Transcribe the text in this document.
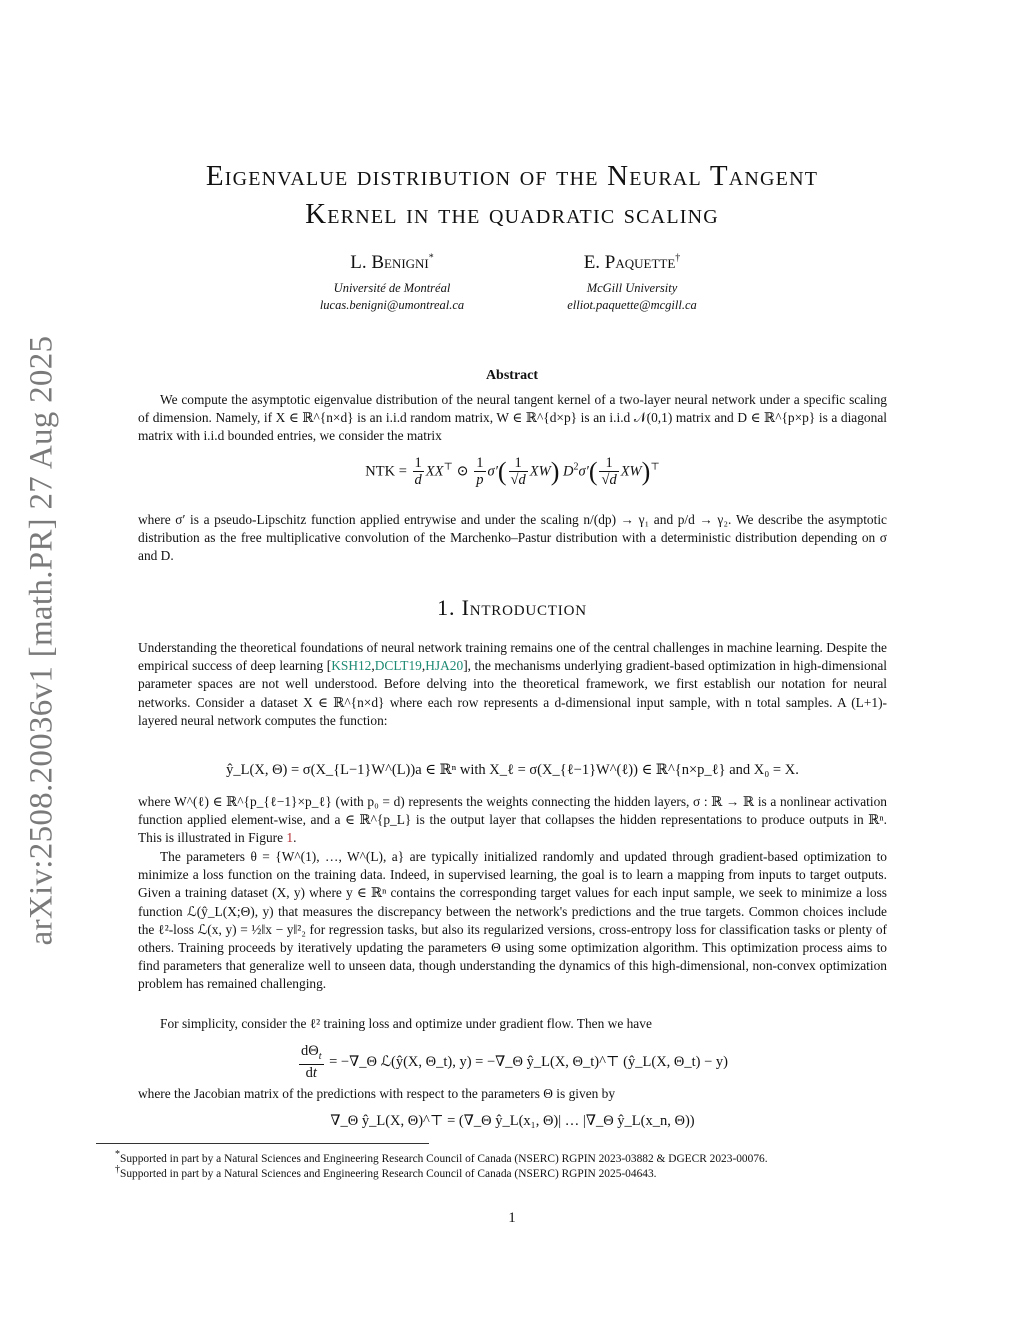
arXiv:2508.20036v1 [math.PR] 27 Aug 2025
Eigenvalue distribution of the Neural Tangent
Kernel in the quadratic scaling
L. Benigni*
Université de Montréal
lucas.benigni@umontreal.ca
E. Paquette†
McGill University
elliot.paquette@mcgill.ca
Abstract

We compute the asymptotic eigenvalue distribution of the neural tangent kernel of a two-layer neural network under a specific scaling of dimension. Namely, if X ∈ ℝ^{n×d} is an i.i.d random matrix, W ∈ ℝ^{d×p} is an i.i.d 𝒩(0,1) matrix and D ∈ ℝ^{p×p} is a diagonal matrix with i.i.d bounded entries, we consider the matrix

NTK = $\frac{1}{d} XX^⊤$ ⊙ $\frac{1}{p} \sigma'( \frac{1}{√d} XW)$ $D^2\sigma'( \frac{1}{√d} XW)^⊤$

where σ′ is a pseudo-Lipschitz function applied entrywise and under the scaling n/(dp) → γ₁ and p/d → γ₂. We describe the asymptotic distribution as the free multiplicative convolution of the Marchenko–Pastur distribution with a deterministic distribution depending on σ and D.

1. Introduction

Understanding the theoretical foundations of neural network training remains one of the central challenges in machine learning. Despite the empirical success of deep learning [KSH12,DCLT19,HJA20], the mechanisms underlying gradient-based optimization in high-dimensional parameter spaces are not well understood. Before delving into the theoretical framework, we first establish our notation for neural networks. Consider a dataset X ∈ ℝ^{n×d} where each row represents a d-dimensional input sample, with n total samples. A (L+1)-layered neural network computes the function:

ŷ_L(X, Θ) = σ(X_{L−1}W^(L))a ∈ ℝⁿ with X_ℓ = σ(X_{ℓ−1}W^(ℓ)) ∈ ℝ^{n×p_ℓ} and X₀ = X.

where W^(ℓ) ∈ ℝ^{p_{ℓ−1}×p_ℓ} (with p₀ = d) represents the weights connecting the hidden layers, σ : ℝ → ℝ is a nonlinear activation function applied element-wise, and a ∈ ℝ^{p_L} is the output layer that collapses the hidden representations to produce outputs in ℝⁿ. This is illustrated in Figure 1.

The parameters θ = {W^(1), …, W^(L), a} are typically initialized randomly and updated through gradient-based optimization to minimize a loss function on the training data. Indeed, in supervised learning, the goal is to learn a mapping from inputs to target outputs. Given a training dataset (X, y) where y ∈ ℝⁿ contains the corresponding target values for each input sample, we seek to minimize a loss function ℒ(ŷ_L(X;Θ), y) that measures the discrepancy between the network's predictions and the true targets. Common choices include the ℓ²-loss ℒ(x, y) = ½‖x − y‖²₂ for regression tasks, but also its regularized versions, cross-entropy loss for classification tasks or plenty of others. Training proceeds by iteratively updating the parameters Θ using some optimization algorithm. This optimization process aims to find parameters that generalize well to unseen data, though understanding the dynamics of this high-dimensional, non-convex optimization problem has remained challenging.

For simplicity, consider the ℓ² training loss and optimize under gradient flow. Then we have

$\frac{d\Theta_t}{dt}$ = −∇_Θ ℒ(ŷ(X, Θ_t), y) = −∇_Θ ŷ_L(X, Θ_t)^⊤ (ŷ_L(X, Θ_t) − y)

where the Jacobian matrix of the predictions with respect to the parameters Θ is given by

∇_Θ ŷ_L(X, Θ)^⊤ = (∇_Θ ŷ_L(x₁, Θ)| … |∇_Θ ŷ_L(x_n, Θ))
*Supported in part by a Natural Sciences and Engineering Research Council of Canada (NSERC) RGPIN 2023-03882 & DGECR 2023-00076.
†Supported in part by a Natural Sciences and Engineering Research Council of Canada (NSERC) RGPIN 2025-04643.
1
